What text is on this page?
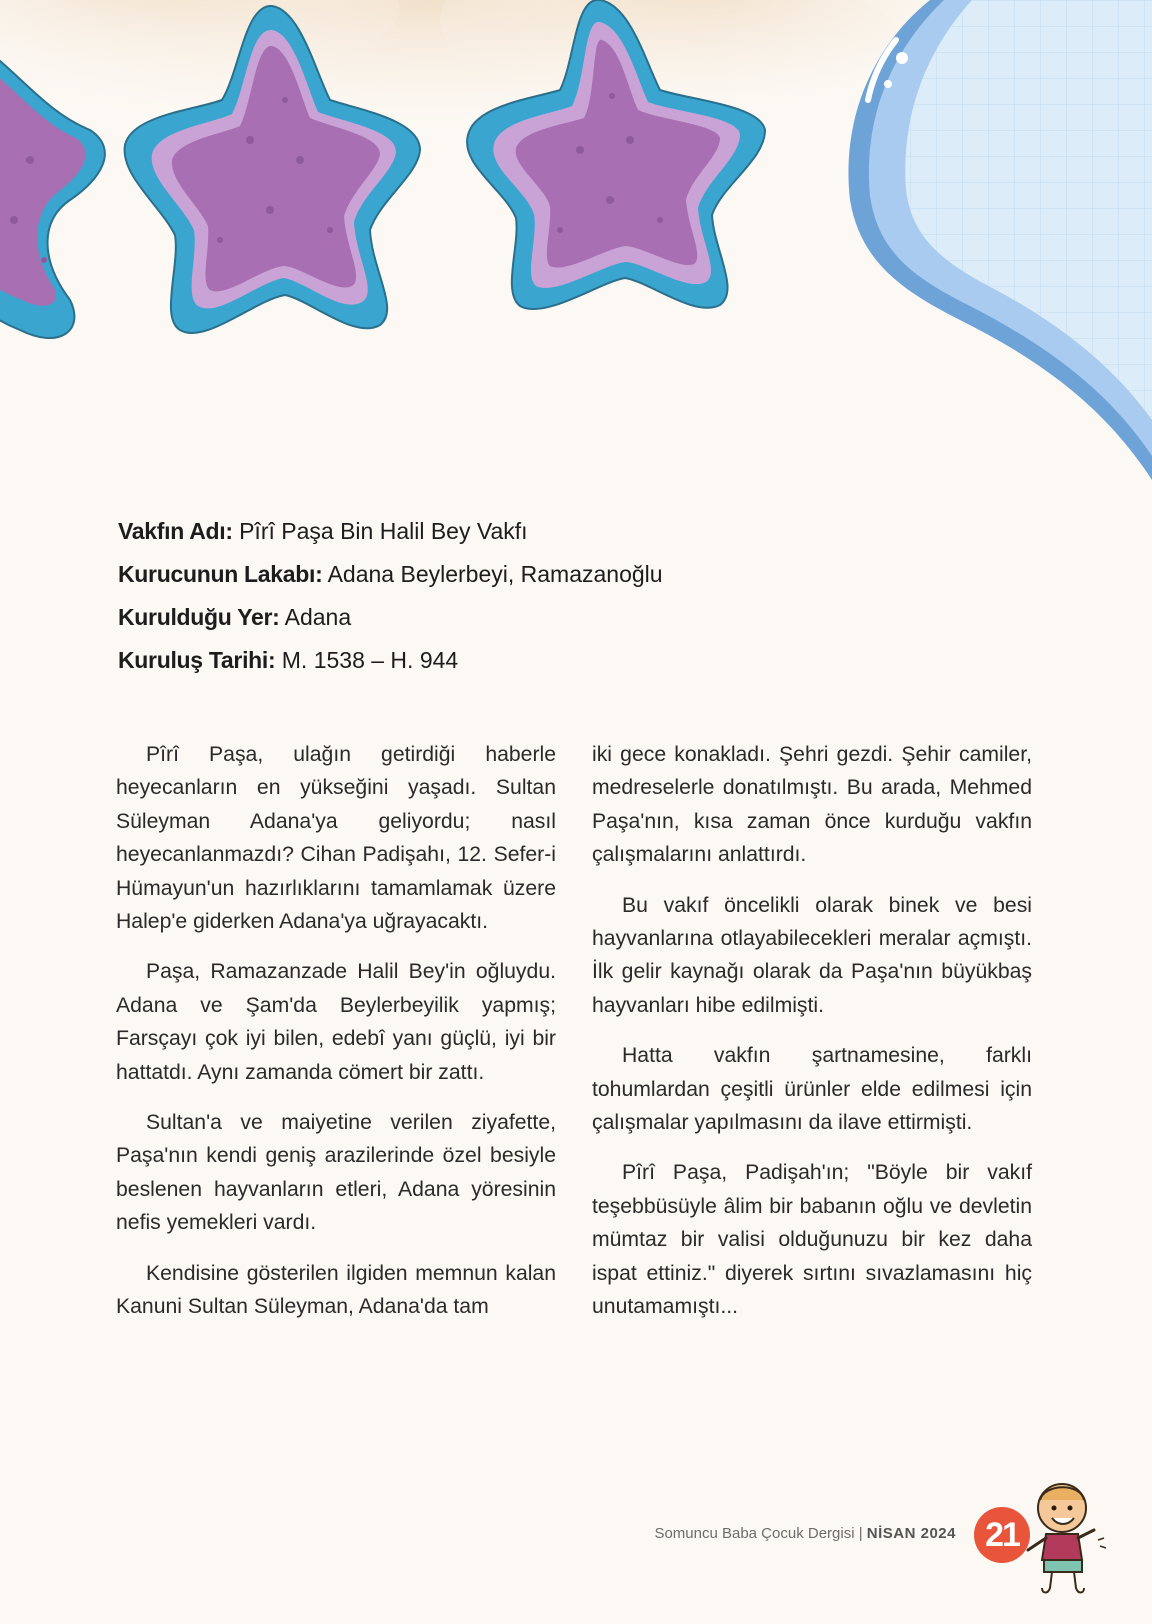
Vakfın Adı: Pîrî Paşa Bin Halil Bey Vakfı
Kurucunun Lakabı: Adana Beylerbeyi, Ramazanoğlu
Kurulduğu Yer: Adana
Kuruluş Tarihi: M. 1538 – H. 944

Pîrî Paşa, ulağın getirdiği haberle heyecanların en yükseğini yaşadı. Sultan Süleyman Adana'ya geliyordu; nasıl heyecanlanmazdı? Cihan Padişahı, 12. Sefer-i Hümayun'un hazırlıklarını tamamlamak üzere Halep'e giderken Adana'ya uğrayacaktı.

Paşa, Ramazanzade Halil Bey'in oğluydu. Adana ve Şam'da Beylerbeyilik yapmış; Farsçayı çok iyi bilen, edebî yanı güçlü, iyi bir hattatdı. Aynı zamanda cömert bir zattı.

Sultan'a ve maiyetine verilen ziyafette, Paşa'nın kendi geniş arazilerinde özel besiyle beslenen hayvanların etleri, Adana yöresinin nefis yemekleri vardı.

Kendisine gösterilen ilgiden memnun kalan Kanuni Sultan Süleyman, Adana'da tam

iki gece konakladı. Şehri gezdi. Şehir camiler, medreselerle donatılmıştı. Bu arada, Mehmed Paşa'nın, kısa zaman önce kurduğu vakfın çalışmalarını anlattırdı.

Bu vakıf öncelikli olarak binek ve besi hayvanlarına otlayabilecekleri meralar açmıştı. İlk gelir kaynağı olarak da Paşa'nın büyükbaş hayvanları hibe edilmişti.

Hatta vakfın şartnamesine, farklı tohumlardan çeşitli ürünler elde edilmesi için çalışmalar yapılmasını da ilave ettirmişti.

Pîrî Paşa, Padişah'ın; "Böyle bir vakıf teşebbüsüyle âlim bir babanın oğlu ve devletin mümtaz bir valisi olduğunuzu bir kez daha ispat ettiniz." diyerek sırtını sıvazlamasını hiç unutamamıştı...

Somuncu Baba Çocuk Dergisi | NİSAN 2024 21
